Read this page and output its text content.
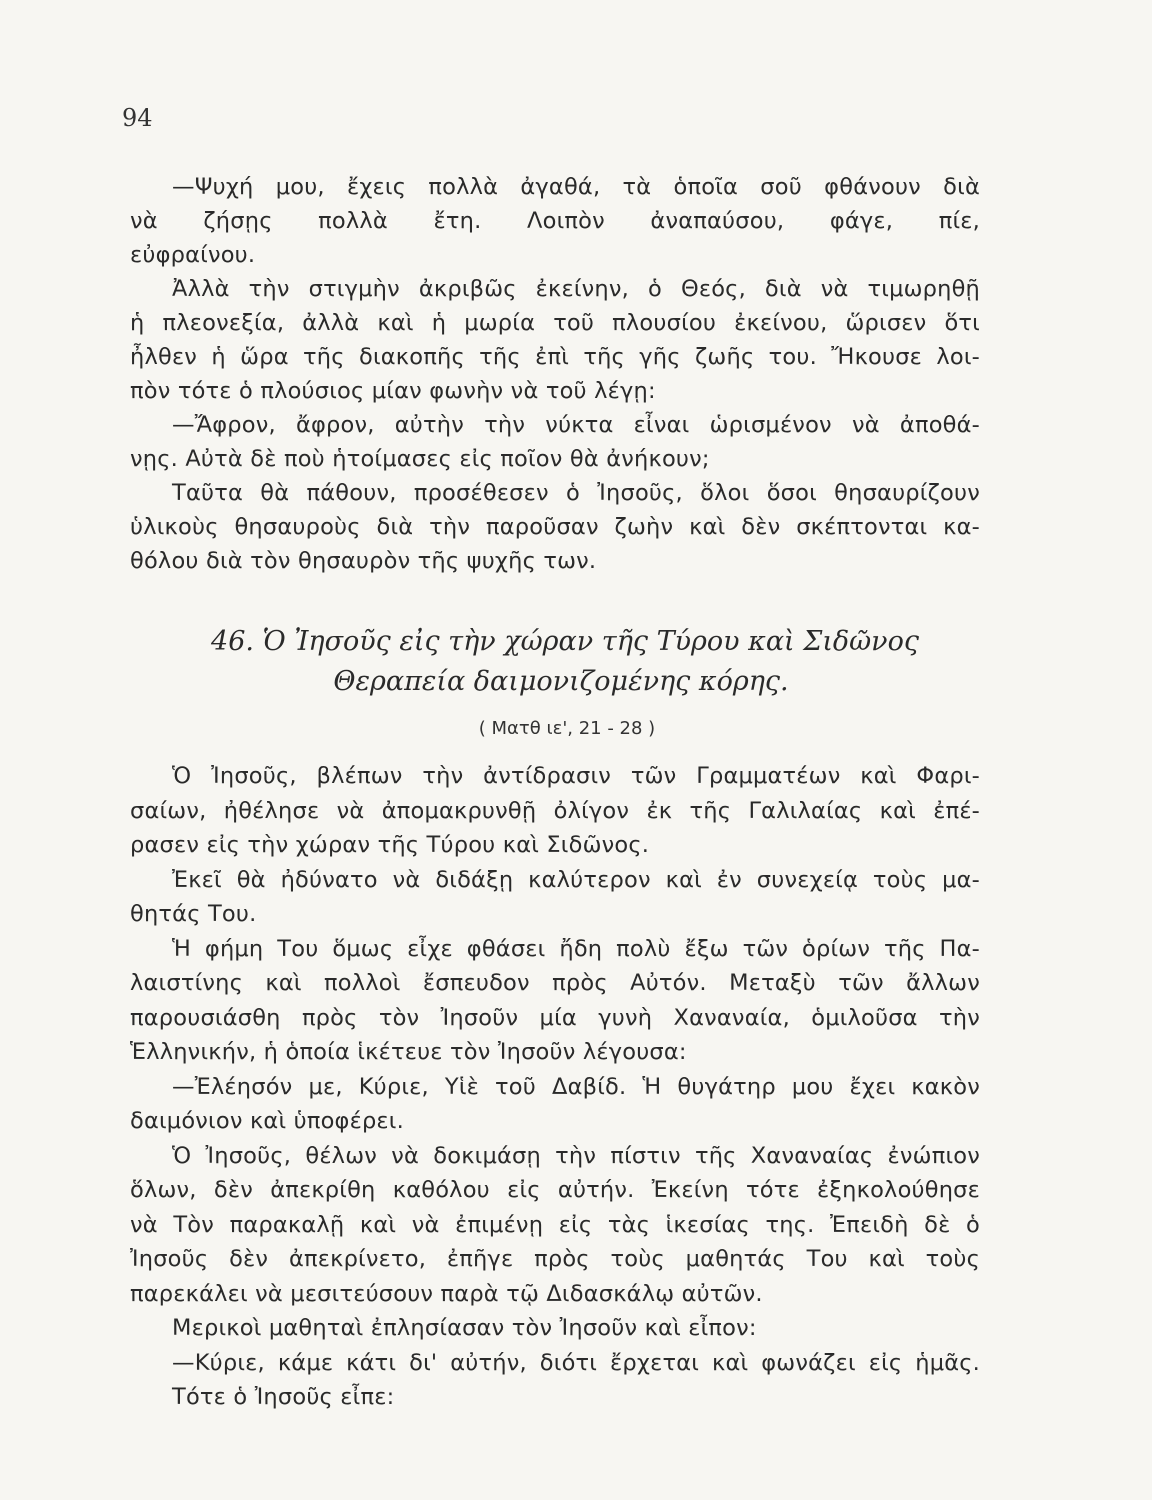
94
—Ψυχή μου, ἔχεις πολλὰ ἀγαθά, τὰ ὁποῖα σοῦ φθάνουν διὰ
νὰ ζήσῃς πολλὰ ἔτη. Λοιπὸν ἀναπαύσου, φάγε, πίε,
εὐφραίνου.
Ἀλλὰ τὴν στιγμὴν ἀκριβῶς ἐκείνην, ὁ Θεός, διὰ νὰ τιμωρηθῇ
ἡ πλεονεξία, ἀλλὰ καὶ ἡ μωρία τοῦ πλουσίου ἐκείνου, ὥρισεν ὅτι
ἦλθεν ἡ ὥρα τῆς διακοπῆς τῆς ἐπὶ τῆς γῆς ζωῆς του. Ἤκουσε λοι-
πὸν τότε ὁ πλούσιος μίαν φωνὴν νὰ τοῦ λέγῃ:
—Ἄφρον, ἄφρον, αὐτὴν τὴν νύκτα εἶναι ὡρισμένον νὰ ἀποθά-
νῃς. Αὐτὰ δὲ ποὺ ἡτοίμασες εἰς ποῖον θὰ ἀνήκουν;
Ταῦτα θὰ πάθουν, προσέθεσεν ὁ Ἰησοῦς, ὅλοι ὅσοι θησαυρίζουν
ὑλικοὺς θησαυροὺς διὰ τὴν παροῦσαν ζωὴν καὶ δὲν σκέπτονται κα-
θόλου διὰ τὸν θησαυρὸν τῆς ψυχῆς των.
46. Ὁ Ἰησοῦς εἰς τὴν χώραν τῆς Τύρου καὶ Σιδῶνος
Θεραπεία δαιμονιζομένης κόρης.
( Ματθ ιε', 21 - 28 )
Ὁ Ἰησοῦς, βλέπων τὴν ἀντίδρασιν τῶν Γραμματέων καὶ Φαρι-
σαίων, ἠθέλησε νὰ ἀπομακρυνθῇ ὀλίγον ἐκ τῆς Γαλιλαίας καὶ ἐπέ-
ρασεν εἰς τὴν χώραν τῆς Τύρου καὶ Σιδῶνος.
Ἐκεῖ θὰ ἠδύνατο νὰ διδάξῃ καλύτερον καὶ ἐν συνεχείᾳ τοὺς μα-
θητάς Του.
Ἡ φήμη Του ὅμως εἶχε φθάσει ἤδη πολὺ ἔξω τῶν ὁρίων τῆς Πα-
λαιστίνης καὶ πολλοὶ ἔσπευδον πρὸς Αὐτόν. Μεταξὺ τῶν ἄλλων
παρουσιάσθη πρὸς τὸν Ἰησοῦν μία γυνὴ Χαναναία, ὁμιλοῦσα τὴν
Ἑλληνικήν, ἡ ὁποία ἱκέτευε τὸν Ἰησοῦν λέγουσα:
—Ἐλέησόν με, Κύριε, Υἱὲ τοῦ Δαβίδ. Ἡ θυγάτηρ μου ἔχει κακὸν
δαιμόνιον καὶ ὑποφέρει.
Ὁ Ἰησοῦς, θέλων νὰ δοκιμάσῃ τὴν πίστιν τῆς Χαναναίας ἐνώπιον
ὅλων, δὲν ἀπεκρίθη καθόλου εἰς αὐτήν. Ἐκείνη τότε ἐξηκολούθησε
νὰ Τὸν παρακαλῇ καὶ νὰ ἐπιμένῃ εἰς τὰς ἱκεσίας της. Ἐπειδὴ δὲ ὁ
Ἰησοῦς δὲν ἀπεκρίνετο, ἐπῆγε πρὸς τοὺς μαθητάς Του καὶ τοὺς
παρεκάλει νὰ μεσιτεύσουν παρὰ τῷ Διδασκάλῳ αὐτῶν.
Μερικοὶ μαθηταὶ ἐπλησίασαν τὸν Ἰησοῦν καὶ εἶπον:
—Κύριε, κάμε κάτι δι' αὐτήν, διότι ἔρχεται καὶ φωνάζει εἰς ἡμᾶς.
Τότε ὁ Ἰησοῦς εἶπε:
